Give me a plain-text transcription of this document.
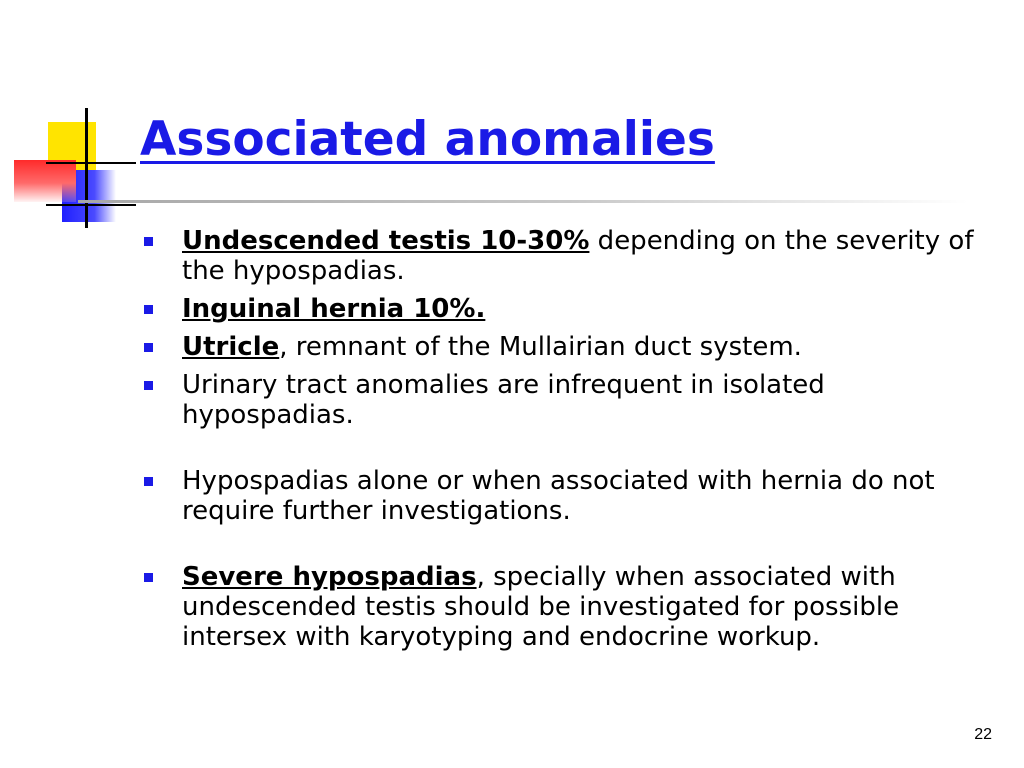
Associated anomalies
Undescended testis 10-30% depending on the severity of the hypospadias.
Inguinal hernia 10%.
Utricle, remnant of the Mullairian duct system.
Urinary tract anomalies are infrequent in isolated hypospadias.
Hypospadias alone or when associated with hernia do not require further investigations.
Severe hypospadias, specially when associated with undescended testis should be investigated for possible intersex with karyotyping and endocrine workup.
22
